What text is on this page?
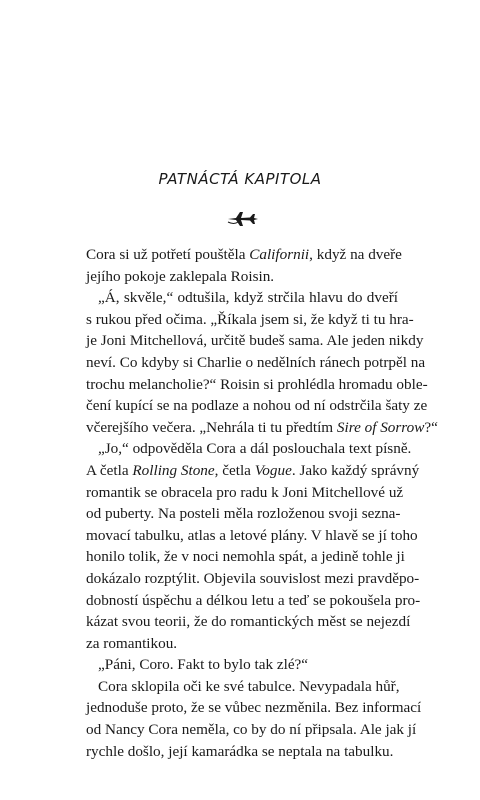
PATNÁCTÁ KAPITOLA
Cora si už potřetí pouštěla Californii, když na dveře
jejího pokoje zaklepala Roisin.
„Á, skvěle,“ odtušila, když strčila hlavu do dveří
s rukou před očima. „Říkala jsem si, že když ti tu hra-
je Joni Mitchellová, určitě budeš sama. Ale jeden nikdy
neví. Co kdyby si Charlie o nedělních ránech potrpěl na
trochu melancholie?“ Roisin si prohlédla hromadu oble-
čení kupící se na podlaze a nohou od ní odstrčila šaty ze
včerejšího večera. „Nehrála ti tu předtím Sire of Sorrow?“
„Jo,“ odpověděla Cora a dál poslouchala text písně.
A četla Rolling Stone, četla Vogue. Jako každý správný
romantik se obracela pro radu k Joni Mitchellové už
od puberty. Na posteli měla rozloženou svoji sezna-
movací tabulku, atlas a letové plány. V hlavě se jí toho
honilo tolik, že v noci nemohla spát, a jedině tohle ji
dokázalo rozptýlit. Objevila souvislost mezi pravděpo-
dobností úspěchu a délkou letu a teď se pokoušela pro-
kázat svou teorii, že do romantických měst se nejezdí
za romantikou.
„Páni, Coro. Fakt to bylo tak zlé?“
Cora sklopila oči ke své tabulce. Nevypadala hůř,
jednoduše proto, že se vůbec nezměnila. Bez informací
od Nancy Cora neměla, co by do ní připsala. Ale jak jí
rychle došlo, její kamarádka se neptala na tabulku.
